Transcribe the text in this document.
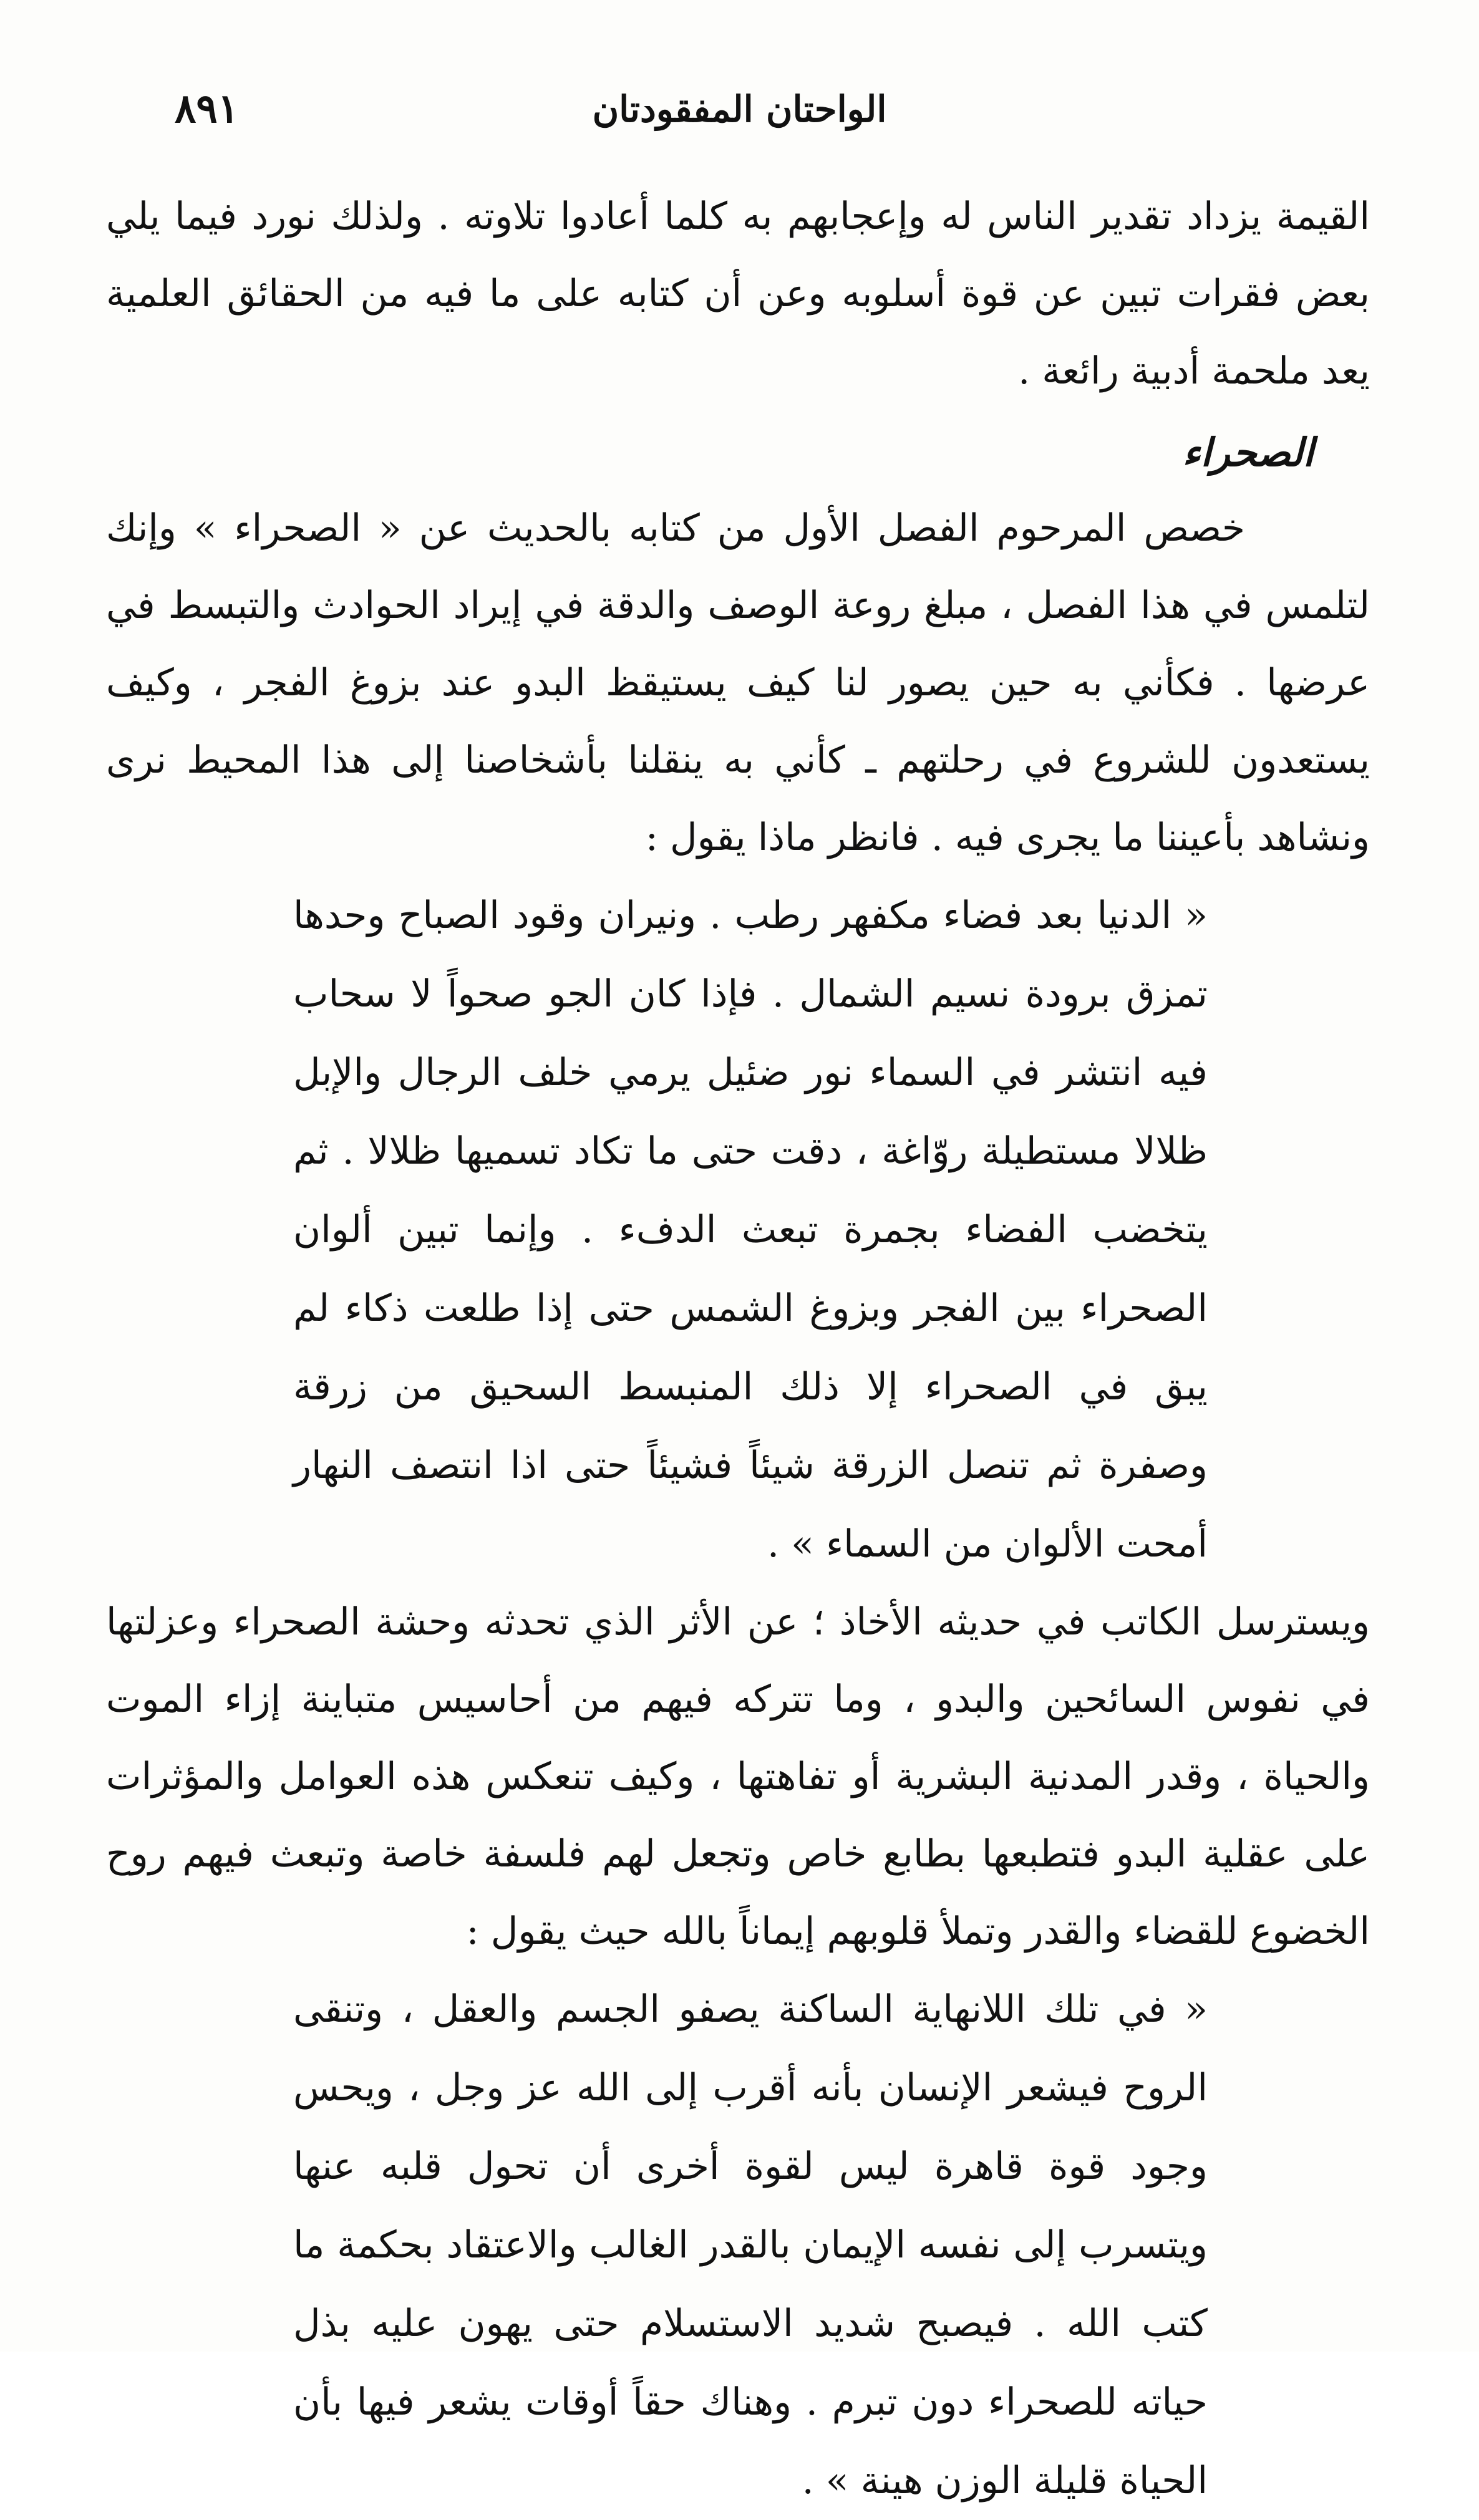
الواحتان المفقودتان
٨٩١

القيمة يزداد تقدير الناس له وإعجابهم به كلما أعادوا تلاوته . ولذلك نورد فيما يلي بعض فقرات تبين عن قوة أسلوبه وعن أن كتابه على ما فيه من الحقائق العلمية يعد ملحمة أدبية رائعة .

الصحراء

خصص المرحوم الفصل الأول من كتابه بالحديث عن « الصحراء » وإنك لتلمس في هذا الفصل ، مبلغ روعة الوصف والدقة في إيراد الحوادث والتبسط في عرضها . فكأني به حين يصور لنا كيف يستيقظ البدو عند بزوغ الفجر ، وكيف يستعدون للشروع في رحلتهم ـ كأني به ينقلنا بأشخاصنا إلى هذا المحيط نرى ونشاهد بأعيننا ما يجرى فيه . فانظر ماذا يقول :

« الدنيا بعد فضاء مكفهر رطب . ونيران وقود الصباح وحدها تمزق برودة نسيم الشمال . فإذا كان الجو صحواً لا سحاب فيه انتشر في السماء نور ضئيل يرمي خلف الرجال والإبل ظلالا مستطيلة روّاغة ، دقت حتى ما تكاد تسميها ظلالا . ثم يتخضب الفضاء بجمرة تبعث الدفء . وإنما تبين ألوان الصحراء بين الفجر وبزوغ الشمس حتى إذا طلعت ذكاء لم يبق في الصحراء إلا ذلك المنبسط السحيق من زرقة وصفرة ثم تنصل الزرقة شيئاً فشيئاً حتى اذا انتصف النهار أمحت الألوان من السماء » .

ويسترسل الكاتب في حديثه الأخاذ ؛ عن الأثر الذي تحدثه وحشة الصحراء وعزلتها في نفوس السائحين والبدو ، وما تتركه فيهم من أحاسيس متباينة إزاء الموت والحياة ، وقدر المدنية البشرية أو تفاهتها ، وكيف تنعكس هذه العوامل والمؤثرات على عقلية البدو فتطبعها بطابع خاص وتجعل لهم فلسفة خاصة وتبعث فيهم روح الخضوع للقضاء والقدر وتملأ قلوبهم إيماناً بالله حيث يقول :

« في تلك اللانهاية الساكنة يصفو الجسم والعقل ، وتنقى الروح فيشعر الإنسان بأنه أقرب إلى الله عز وجل ، ويحس وجود قوة قاهرة ليس لقوة أخرى أن تحول قلبه عنها ويتسرب إلى نفسه الإيمان بالقدر الغالب والاعتقاد بحكمة ما كتب الله . فيصبح شديد الاستسلام حتى يهون عليه بذل حياته للصحراء دون تبرم . وهناك حقاً أوقات يشعر فيها بأن الحياة قليلة الوزن هينة » .
